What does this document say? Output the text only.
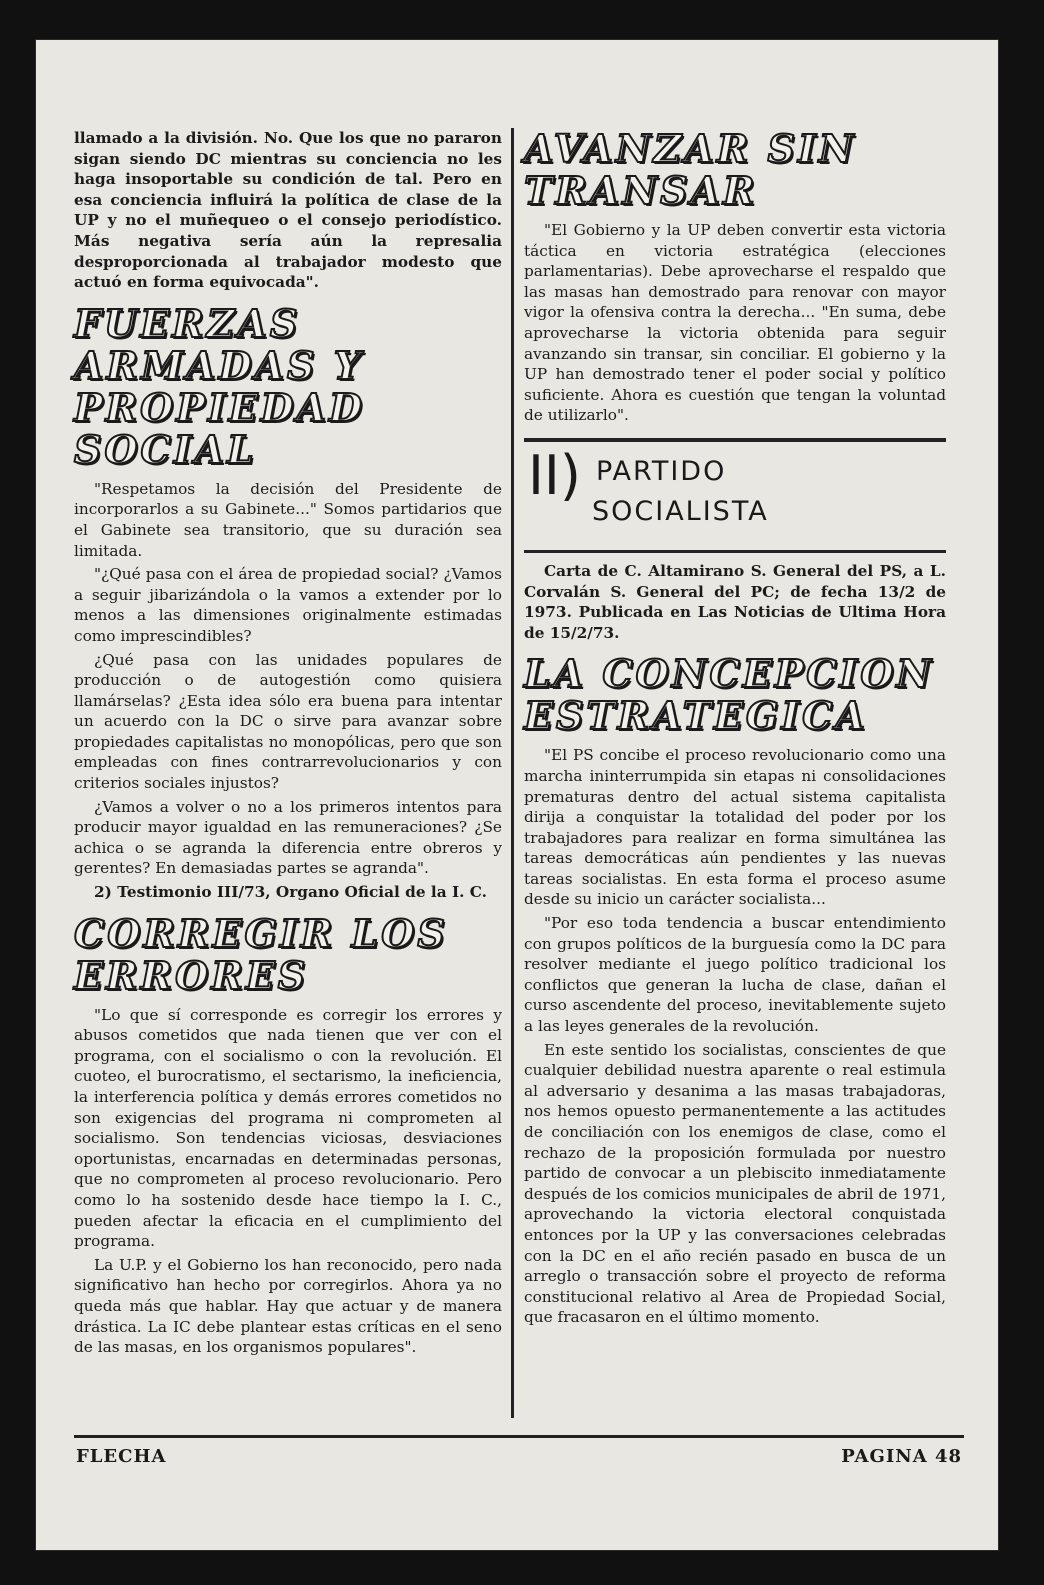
llamado a la división. No. Que los que no pararon sigan siendo DC mientras su conciencia no les haga insoportable su condición de tal. Pero en esa conciencia influirá la política de clase de la UP y no el muñequeo o el consejo periodístico. Más negativa sería aún la represalia desproporcionada al trabajador modesto que actuó en forma equivocada".

FUERZAS
ARMADAS Y
PROPIEDAD
SOCIAL

"Respetamos la decisión del Presidente de incorporarlos a su Gabinete..." Somos partidarios que el Gabinete sea transitorio, que su duración sea limitada.

"¿Qué pasa con el área de propiedad social? ¿Vamos a seguir jibarizándola o la vamos a extender por lo menos a las dimensiones originalmente estimadas como imprescindibles?

¿Qué pasa con las unidades populares de producción o de autogestión como quisiera llamárselas? ¿Esta idea sólo era buena para intentar un acuerdo con la DC o sirve para avanzar sobre propiedades capitalistas no monopólicas, pero que son empleadas con fines contrarrevolucionarios y con criterios sociales injustos?

¿Vamos a volver o no a los primeros intentos para producir mayor igualdad en las remuneraciones? ¿Se achica o se agranda la diferencia entre obreros y gerentes? En demasiadas partes se agranda".

2) Testimonio III/73, Organo Oficial de la I. C.

CORREGIR LOS
ERRORES

"Lo que sí corresponde es corregir los errores y abusos cometidos que nada tienen que ver con el programa, con el socialismo o con la revolución. El cuoteo, el burocratismo, el sectarismo, la ineficiencia, la interferencia política y demás errores cometidos no son exigencias del programa ni comprometen al socialismo. Son tendencias viciosas, desviaciones oportunistas, encarnadas en determinadas personas, que no comprometen al proceso revolucionario. Pero como lo ha sostenido desde hace tiempo la I. C., pueden afectar la eficacia en el cumplimiento del programa.

La U.P. y el Gobierno los han reconocido, pero nada significativo han hecho por corregirlos. Ahora ya no queda más que hablar. Hay que actuar y de manera drástica. La IC debe plantear estas críticas en el seno de las masas, en los organismos populares".

AVANZAR SIN
TRANSAR

"El Gobierno y la UP deben convertir esta victoria táctica en victoria estratégica (elecciones parlamentarias). Debe aprovecharse el respaldo que las masas han demostrado para renovar con mayor vigor la ofensiva contra la derecha... "En suma, debe aprovecharse la victoria obtenida para seguir avanzando sin transar, sin conciliar. El gobierno y la UP han demostrado tener el poder social y político suficiente. Ahora es cuestión que tengan la voluntad de utilizarlo".

II) PARTIDO
SOCIALISTA

Carta de C. Altamirano S. General del PS, a L. Corvalán S. General del PC; de fecha 13/2 de 1973. Publicada en Las Noticias de Ultima Hora de 15/2/73.

LA CONCEPCION
ESTRATEGICA

"El PS concibe el proceso revolucionario como una marcha ininterrumpida sin etapas ni consolidaciones prematuras dentro del actual sistema capitalista dirija a conquistar la totalidad del poder por los trabajadores para realizar en forma simultánea las tareas democráticas aún pendientes y las nuevas tareas socialistas. En esta forma el proceso asume desde su inicio un carácter socialista...

"Por eso toda tendencia a buscar entendimiento con grupos políticos de la burguesía como la DC para resolver mediante el juego político tradicional los conflictos que generan la lucha de clase, dañan el curso ascendente del proceso, inevitablemente sujeto a las leyes generales de la revolución.

En este sentido los socialistas, conscientes de que cualquier debilidad nuestra aparente o real estimula al adversario y desanima a las masas trabajadoras, nos hemos opuesto permanentemente a las actitudes de conciliación con los enemigos de clase, como el rechazo de la proposición formulada por nuestro partido de convocar a un plebiscito inmediatamente después de los comicios municipales de abril de 1971, aprovechando la victoria electoral conquistada entonces por la UP y las conversaciones celebradas con la DC en el año recién pasado en busca de un arreglo o transacción sobre el proyecto de reforma constitucional relativo al Area de Propiedad Social, que fracasaron en el último momento.

FLECHA	PAGINA 48
